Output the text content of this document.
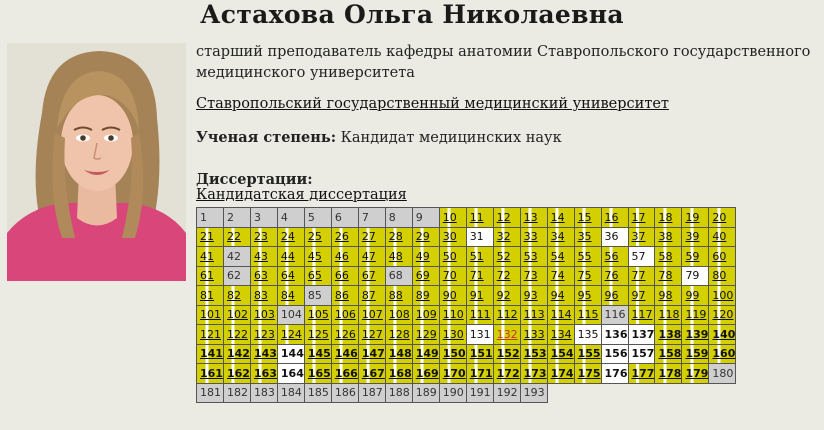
Астахова Ольга Николаевна

старший преподаватель кафедры анатомии Ставропольского государственного медицинского университета

Ставропольский государственный медицинский университет
Ученая степень: Кандидат медицинских наук
Диссертации:
Кандидатская диссертация
1	2	3	4	5	6	7	8	9	10	11	12	13	14	15	16	17	18	19	20
21	22	23	24	25	26	27	28	29	30	31	32	33	34	35	36	37	38	39	40
41	42	43	44	45	46	47	48	49	50	51	52	53	54	55	56	57	58	59	60
61	62	63	64	65	66	67	68	69	70	71	72	73	74	75	76	77	78	79	80
81	82	83	84	85	86	87	88	89	90	91	92	93	94	95	96	97	98	99	100
101	102	103	104	105	106	107	108	109	110	111	112	113	114	115	116	117	118	119	120
121	122	123	124	125	126	127	128	129	130	131	132	133	134	135	136	137	138	139	140
141	142	143	144	145	146	147	148	149	150	151	152	153	154	155	156	157	158	159	160
161	162	163	164	165	166	167	168	169	170	171	172	173	174	175	176	177	178	179	180
181	182	183	184	185	186	187	188	189	190	191	192	193							
